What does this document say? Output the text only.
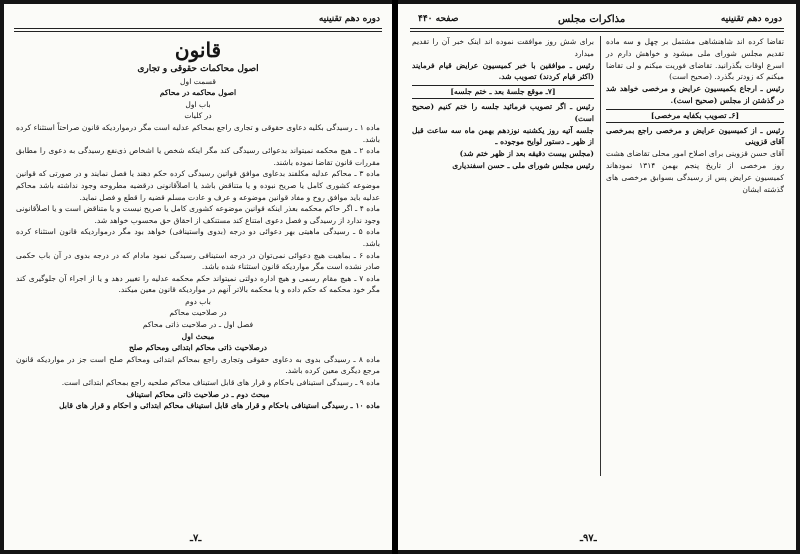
دوره دهم تقنینیه
قانون
اصول محاکمات حقوقی و تجاری
قسمت اول
اصول محاکمه در محاکم
باب اول
در کلیات
ماده ۱ ـ رسیدگی بکلیه دعاوی حقوقی و تجاری راجع بمحاکم عدلیه است مگر درمواردیکه قانون صراحتاً استثناء کرده باشد.
ماده ۲ ـ هیچ محکمه نمیتواند بدعوائی رسیدگی کند مگر اینکه شخص یا اشخاص ذی‌نفع رسیدگی به دعوی را مطابق مقررات قانون تقاضا نموده باشند.
ماده ۳ ـ محاکم عدلیه مکلفند بدعاوی موافق قوانین رسیدگی کرده حکم دهند یا فصل نمایند و در صورتی که قوانین موضوعه کشوری کامل یا صریح نبوده و یا متناقض باشد یا اصلاًقانونی درقضیه مطروحه وجود نداشته باشد محاکم عدلیه باید موافق روح و مفاد قوانین موضوعه و عرف و عادت مسلم قضیه را قطع و فصل نماید.
ماده ۴ ـ اگر حاکم محکمه بعذر اینکه قوانین موضوعه کشوری کامل یا صریح نیست و یا متناقض است و یا اصلاًقانونی وجود ندارد از رسیدگی و فصل دعوی امتناع کند مستنکف از احقاق حق محسوب خواهد شد.
ماده ۵ ـ رسیدگی ماهیتی بهر دعوائی دو درجه (بدوی واستینافی) خواهد بود مگر درمواردیکه قانون استثناء کرده باشد.
ماده ۶ ـ بماهیت هیچ دعوائی نمی‌توان در درجه استینافی رسیدگی نمود مادام که در درجه بدوی در آن باب حکمی صادر نشده است مگر مواردیکه قانون استثناء شده باشد.
ماده ۷ ـ هیچ مقام رسمی و هیچ اداره دولتی نمیتواند حکم محکمه عدلیه را تغییر دهد و یا از اجراء آن جلوگیری کند مگر خود محکمه که حکم داده و یا محکمه بالاتر آنهم در مواردیکه قانون معین میکند.
باب دوم
در صلاحیت محاکم
فصل اول ـ در صلاحیت ذاتی محاکم
مبحث اول
درصلاحیت ذاتی محاکم ابتدائی ومحاکم صلح
ماده ۸ ـ رسیدگی بدوی به دعاوی حقوقی وتجاری راجع بمحاکم ابتدائی ومحاکم صلح است جز در مواردیکه قانون مرجع دیگری معین کرده باشد.
ماده ۹ ـ رسیدگی استینافی باحکام و قرار های قابل استیناف محاکم صلحیه راجع بمحاکم ابتدائی است.
مبحث دوم ـ در صلاحیت ذاتی محاکم استیناف
ماده ۱۰ ـ رسیدگی استینافی باحکام و قرار های قابل استیناف محاکم ابتدائی و احکام و قرار های قابل
ـ۷ـ
دوره دهم تقنینیه
مذاکرات مجلس
صفحه ۴۴۰
تقاضا کرده اند شاهنشاهی مشتمل بر چهل و سه ماده تقدیم مجلس شورای ملی میشود و خواهش دارم در اسرع اوقات بگذرانید. تقاضای فوریت میکنم و لی تقاضا میکنم که زودتر بگذرد. (صحیح است)
رئیس ـ ارجاع بکمیسیون عرایض و مرخصی خواهد شد در گذشتن از مجلس (صحیح است).
[۶ـ تصویب بکفایه مرخصی]
رئیس ـ از کمیسیون عرایض و مرخصی راجع بمرخصی آقای قزوینی
آقای حسن قزوینی برای اصلاح امور محلی تقاضای هشت روز مرخصی از تاریخ پنجم بهمن ۱۳۱۴ نمودهاند کمیسیون عرایض پس از رسیدگی بسوابق مرخصی های گذشته ایشان
برای شش روز موافقت نموده اند اینک خبر آن را تقدیم میدارد
رئیس ـ موافقین با خبر کمیسیون عرایض قیام فرمایند (اکثر قیام کردند) تصویب شد.
[۷ـ موقع جلسهٔ بعد ـ ختم جلسه]
رئیس ـ اگر تصویب فرمائید جلسه را ختم کنیم (صحیح است)
جلسه آتیه روز یکشنبه نوزدهم بهمن ماه سه ساعت قبل از ظهر ـ دستور لوایح موجوده ـ
(مجلس بیست دقیقه بعد از ظهر ختم شد)
رئیس مجلس شورای ملی ـ حسن اسفندیاری
ـ۹۷ـ
